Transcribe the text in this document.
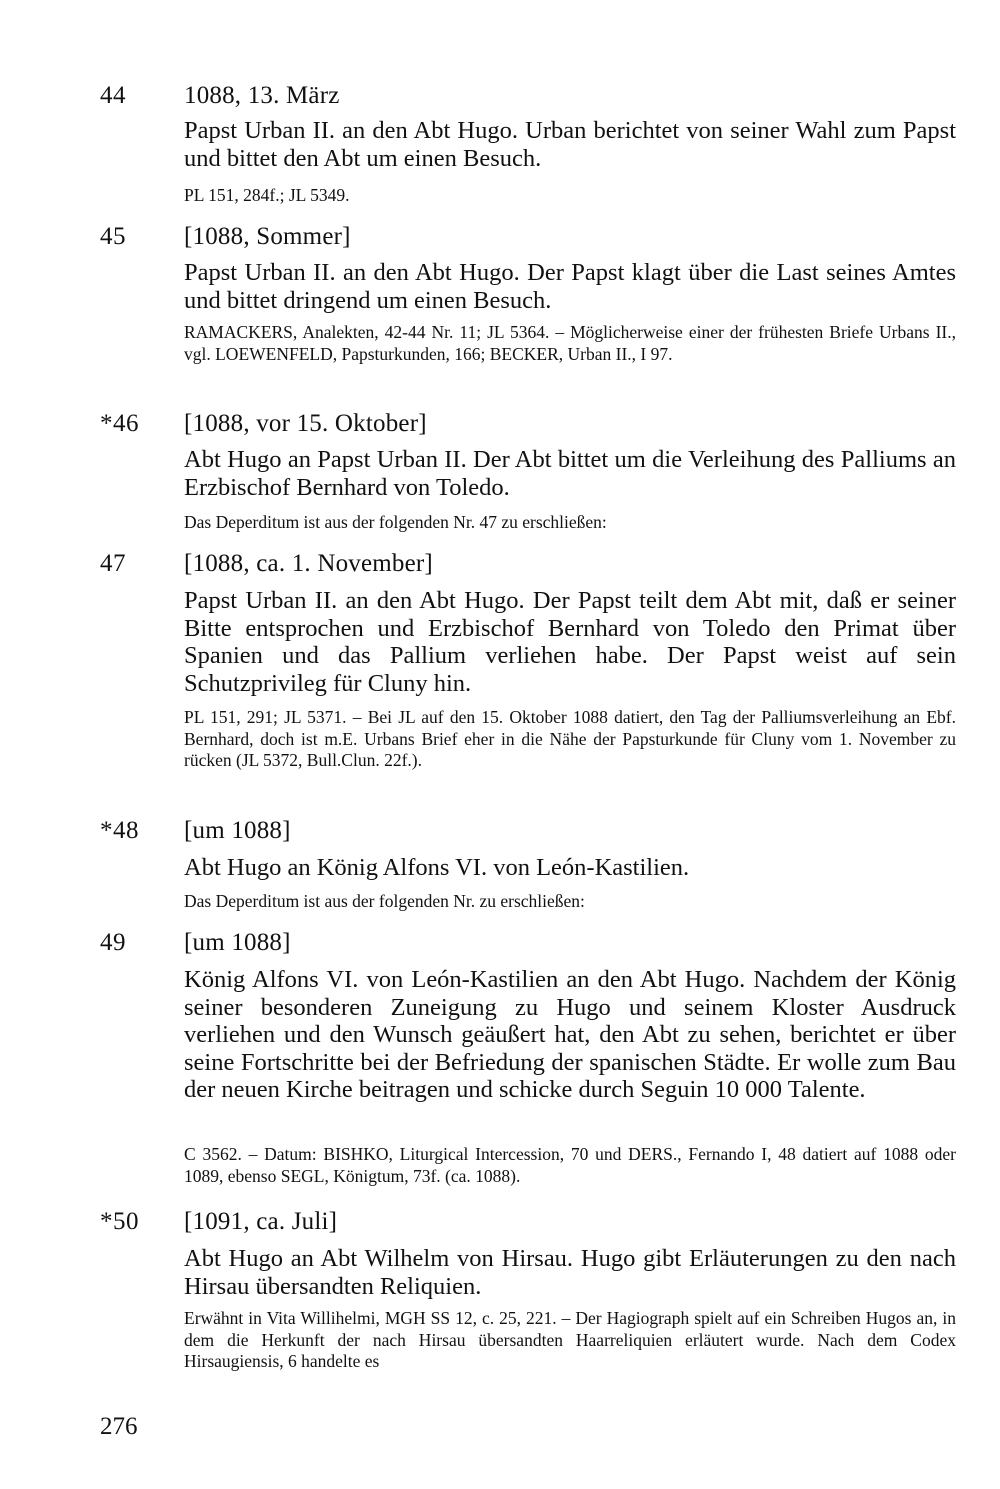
44 1088, 13. März

Papst Urban II. an den Abt Hugo. Urban berichtet von seiner Wahl zum Papst und bittet den Abt um einen Besuch.

PL 151, 284f.; JL 5349.

45 [1088, Sommer]

Papst Urban II. an den Abt Hugo. Der Papst klagt über die Last seines Amtes und bittet dringend um einen Besuch.

RAMACKERS, Analekten, 42-44 Nr. 11; JL 5364. – Möglicherweise einer der frühesten Briefe Urbans II., vgl. LOEWENFELD, Papsturkunden, 166; BECKER, Urban II., I 97.

*46 [1088, vor 15. Oktober]

Abt Hugo an Papst Urban II. Der Abt bittet um die Verleihung des Palliums an Erzbischof Bernhard von Toledo.

Das Deperditum ist aus der folgenden Nr. 47 zu erschließen:

47 [1088, ca. 1. November]

Papst Urban II. an den Abt Hugo. Der Papst teilt dem Abt mit, daß er seiner Bitte entsprochen und Erzbischof Bernhard von Toledo den Primat über Spanien und das Pallium verliehen habe. Der Papst weist auf sein Schutzprivileg für Cluny hin.

PL 151, 291; JL 5371. – Bei JL auf den 15. Oktober 1088 datiert, den Tag der Palliumsverleihung an Ebf. Bernhard, doch ist m.E. Urbans Brief eher in die Nähe der Papsturkunde für Cluny vom 1. November zu rücken (JL 5372, Bull.Clun. 22f.).

*48 [um 1088]

Abt Hugo an König Alfons VI. von León-Kastilien.

Das Deperditum ist aus der folgenden Nr. zu erschließen:

49 [um 1088]

König Alfons VI. von León-Kastilien an den Abt Hugo. Nachdem der König seiner besonderen Zuneigung zu Hugo und seinem Kloster Ausdruck verliehen und den Wunsch geäußert hat, den Abt zu sehen, berichtet er über seine Fortschritte bei der Befriedung der spanischen Städte. Er wolle zum Bau der neuen Kirche beitragen und schicke durch Seguin 10 000 Talente.

C 3562. – Datum: BISHKO, Liturgical Intercession, 70 und DERS., Fernando I, 48 datiert auf 1088 oder 1089, ebenso SEGL, Königtum, 73f. (ca. 1088).

*50 [1091, ca. Juli]

Abt Hugo an Abt Wilhelm von Hirsau. Hugo gibt Erläuterungen zu den nach Hirsau übersandten Reliquien.

Erwähnt in Vita Willihelmi, MGH SS 12, c. 25, 221. – Der Hagiograph spielt auf ein Schreiben Hugos an, in dem die Herkunft der nach Hirsau übersandten Haarreliquien erläutert wurde. Nach dem Codex Hirsaugiensis, 6 handelte es

276
